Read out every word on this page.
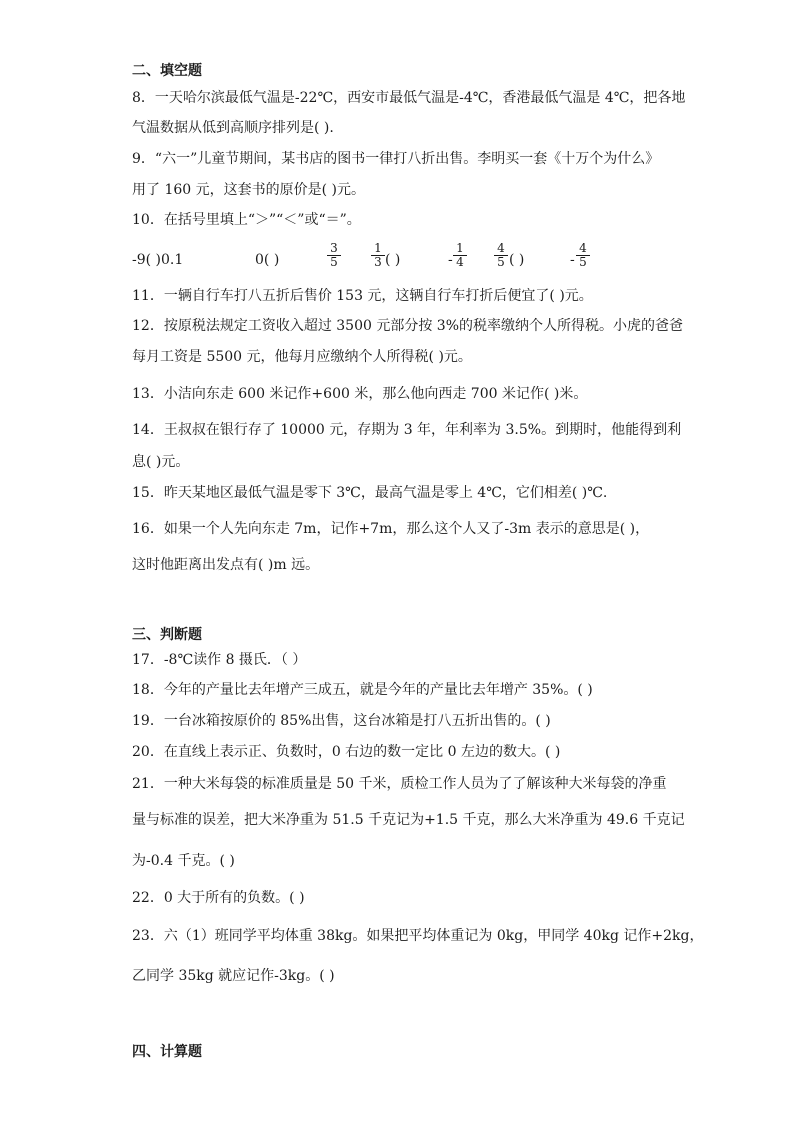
二、填空题
8．一天哈尔滨最低气温是-22℃，西安市最低气温是-4℃，香港最低气温是 4℃，把各地
气温数据从低到高顺序排列是( ).
9．“六一”儿童节期间，某书店的图书一律打八折出售。李明买一套《十万个为什么》
用了 160 元，这套书的原价是( )元。
10．在括号里填上“＞”“＜”或“＝”。
-9( )0.1	0( )	$\frac{3}{5}$	$\frac{1}{3}$ ( )	- $\frac{1}{4} \frac{4}{5}$ ( )	- $\frac{4}{5}$
11．一辆自行车打八五折后售价 153 元，这辆自行车打折后便宜了( )元。
12．按原税法规定工资收入超过 3500 元部分按 3%的税率缴纳个人所得税。小虎的爸爸
每月工资是 5500 元，他每月应缴纳个人所得税( )元。
13．小洁向东走 600 米记作+600 米，那么他向西走 700 米记作( )米。
14．王叔叔在银行存了 10000 元，存期为 3 年，年利率为 3.5%。到期时，他能得到利
息( )元。
15．昨天某地区最低气温是零下 3℃，最高气温是零上 4℃，它们相差( )℃.
16．如果一个人先向东走 7m，记作+7m，那么这个人又了-3m 表示的意思是( )，
这时他距离出发点有( )m 远。
三、判断题
17．-8℃读作 8 摄氏．（ ）
18．今年的产量比去年增产三成五，就是今年的产量比去年增产 35%。( )
19．一台冰箱按原价的 85%出售，这台冰箱是打八五折出售的。( )
20．在直线上表示正、负数时，0 右边的数一定比 0 左边的数大。( )
21．一种大米每袋的标准质量是 50 千米，质检工作人员为了了解该种大米每袋的净重
量与标准的误差，把大米净重为 51.5 千克记为+1.5 千克，那么大米净重为 49.6 千克记
为-0.4 千克。( )
22．0 大于所有的负数。( )
23．六（1）班同学平均体重 38kg。如果把平均体重记为 0kg，甲同学 40kg 记作+2kg，
乙同学 35kg 就应记作-3kg。( )
四、计算题
